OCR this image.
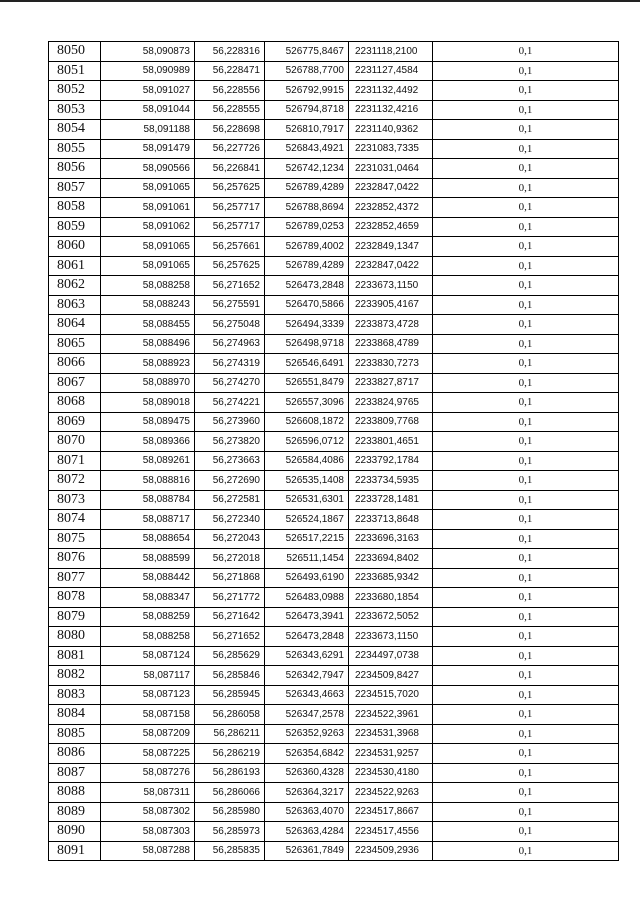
8050	58,090873	56,228316	526775,8467	2231118,2100	0,1
8051	58,090989	56,228471	526788,7700	2231127,4584	0,1
8052	58,091027	56,228556	526792,9915	2231132,4492	0,1
8053	58,091044	56,228555	526794,8718	2231132,4216	0,1
8054	58,091188	56,228698	526810,7917	2231140,9362	0,1
8055	58,091479	56,227726	526843,4921	2231083,7335	0,1
8056	58,090566	56,226841	526742,1234	2231031,0464	0,1
8057	58,091065	56,257625	526789,4289	2232847,0422	0,1
8058	58,091061	56,257717	526788,8694	2232852,4372	0,1
8059	58,091062	56,257717	526789,0253	2232852,4659	0,1
8060	58,091065	56,257661	526789,4002	2232849,1347	0,1
8061	58,091065	56,257625	526789,4289	2232847,0422	0,1
8062	58,088258	56,271652	526473,2848	2233673,1150	0,1
8063	58,088243	56,275591	526470,5866	2233905,4167	0,1
8064	58,088455	56,275048	526494,3339	2233873,4728	0,1
8065	58,088496	56,274963	526498,9718	2233868,4789	0,1
8066	58,088923	56,274319	526546,6491	2233830,7273	0,1
8067	58,088970	56,274270	526551,8479	2233827,8717	0,1
8068	58,089018	56,274221	526557,3096	2233824,9765	0,1
8069	58,089475	56,273960	526608,1872	2233809,7768	0,1
8070	58,089366	56,273820	526596,0712	2233801,4651	0,1
8071	58,089261	56,273663	526584,4086	2233792,1784	0,1
8072	58,088816	56,272690	526535,1408	2233734,5935	0,1
8073	58,088784	56,272581	526531,6301	2233728,1481	0,1
8074	58,088717	56,272340	526524,1867	2233713,8648	0,1
8075	58,088654	56,272043	526517,2215	2233696,3163	0,1
8076	58,088599	56,272018	526511,1454	2233694,8402	0,1
8077	58,088442	56,271868	526493,6190	2233685,9342	0,1
8078	58,088347	56,271772	526483,0988	2233680,1854	0,1
8079	58,088259	56,271642	526473,3941	2233672,5052	0,1
8080	58,088258	56,271652	526473,2848	2233673,1150	0,1
8081	58,087124	56,285629	526343,6291	2234497,0738	0,1
8082	58,087117	56,285846	526342,7947	2234509,8427	0,1
8083	58,087123	56,285945	526343,4663	2234515,7020	0,1
8084	58,087158	56,286058	526347,2578	2234522,3961	0,1
8085	58,087209	56,286211	526352,9263	2234531,3968	0,1
8086	58,087225	56,286219	526354,6842	2234531,9257	0,1
8087	58,087276	56,286193	526360,4328	2234530,4180	0,1
8088	58,087311	56,286066	526364,3217	2234522,9263	0,1
8089	58,087302	56,285980	526363,4070	2234517,8667	0,1
8090	58,087303	56,285973	526363,4284	2234517,4556	0,1
8091	58,087288	56,285835	526361,7849	2234509,2936	0,1
